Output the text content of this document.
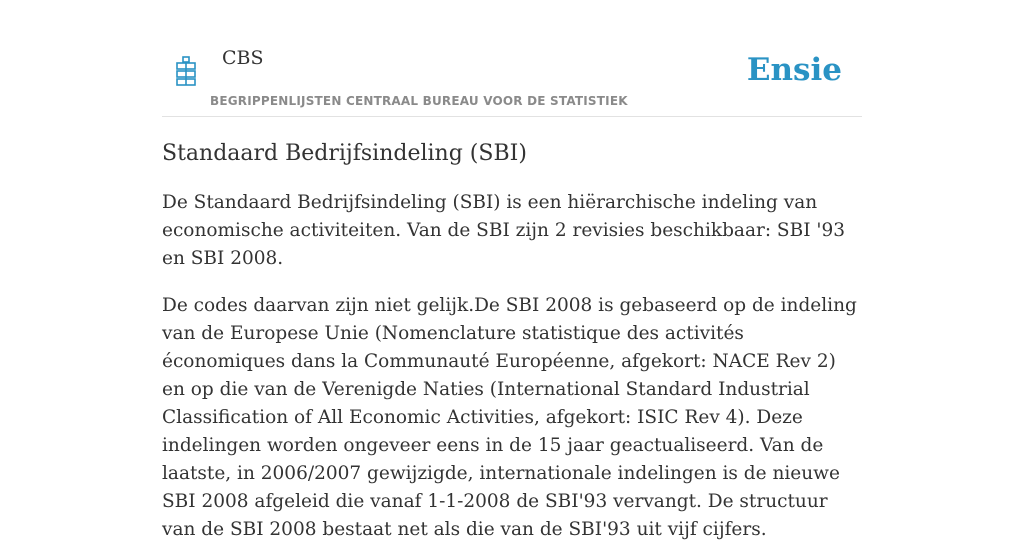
CBS
BEGRIPPENLIJSTEN CENTRAAL BUREAU VOOR DE STATISTIEK
Ensie
Standaard Bedrijfsindeling (SBI)

De Standaard Bedrijfsindeling (SBI) is een hiërarchische indeling van economische activiteiten. Van de SBI zijn 2 revisies beschikbaar: SBI '93 en SBI 2008.

De codes daarvan zijn niet gelijk.De SBI 2008 is gebaseerd op de indeling van de Europese Unie (Nomenclature statistique des activités économiques dans la Communauté Européenne, afgekort: NACE Rev 2) en op die van de Verenigde Naties (International Standard Industrial Classification of All Economic Activities, afgekort: ISIC Rev 4). Deze indelingen worden ongeveer eens in de 15 jaar geactualiseerd. Van de laatste, in 2006/2007 gewijzigde, internationale indelingen is de nieuwe SBI 2008 afgeleid die vanaf 1-1-2008 de SBI'93 vervangt. De structuur van de SBI 2008 bestaat net als die van de SBI'93 uit vijf cijfers.
